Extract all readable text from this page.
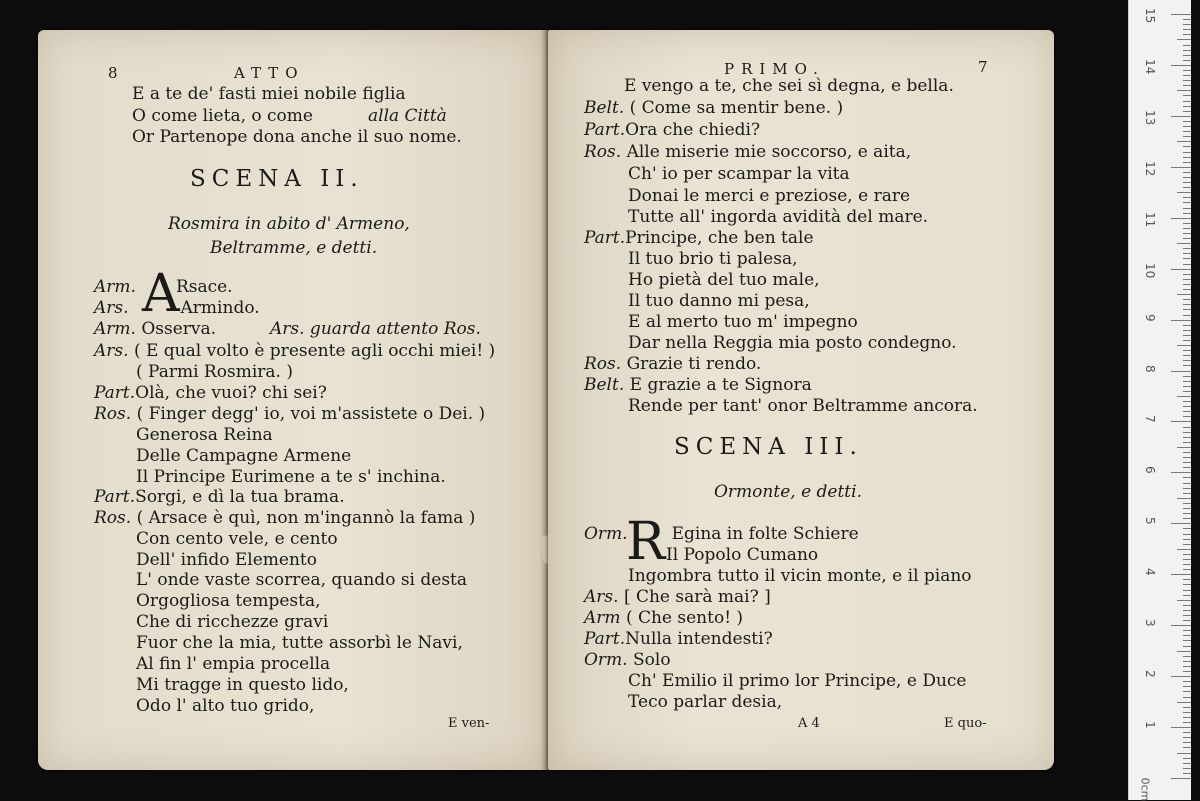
8	ATTO
E a te de' fasti miei nobile figlia
O come lieta, o come	alla Città
Or Partenope dona anche il suo nome.
SCENA II.
Rosmira in abito d' Armeno,
Beltramme, e detti.
A
Arm. Rsace.
Ars.	Armindo.
Arm. Osserva.	Ars. guarda attento Ros.
Ars. ( E qual volto è presente agli occhi miei! )
( Parmi Rosmira. )
Part.Olà, che vuoi? chi sei?
Ros. ( Finger degg' io, voi m'assistete o Dei. )
Generosa Reina
Delle Campagne Armene
Il Principe Eurimene a te s' inchina.
Part.Sorgi, e dì la tua brama.
Ros. ( Arsace è quì, non m'ingannò la fama )
Con cento vele, e cento
Dell' infido Elemento
L' onde vaste scorrea, quando si desta
Orgogliosa tempesta,
Che di ricchezze gravi
Fuor che la mia, tutte assorbì le Navi,
Al fin l' empia procella
Mi tragge in questo lido,
Odo l' alto tuo grido,
E ven-
PRIMO.	7
E vengo a te, che sei sì degna, e bella.
Belt. ( Come sa mentir bene. )
Part.Ora che chiedi?
Ros. Alle miserie mie soccorso, e aita,
Ch' io per scampar la vita
Donai le merci e preziose, e rare
Tutte all' ingorda avidità del mare.
Part.Principe, che ben tale
Il tuo brio ti palesa,
Ho pietà del tuo male,
Il tuo danno mi pesa,
E al merto tuo m' impegno
Dar nella Reggia mia posto condegno.
Ros. Grazie ti rendo.
Belt. E grazie a te Signora
Rende per tant' onor Beltramme ancora.
SCENA III.
Ormonte, e detti.
R
Orm.	Egina in folte Schiere
Il Popolo Cumano
Ingombra tutto il vicin monte, e il piano
Ars. [ Che sarà mai? ]
Arm ( Che sento! )
Part.Nulla intendesti?
Orm. Solo
Ch' Emilio il primo lor Principe, e Duce
Teco parlar desia,
A 4	E quo-	1
2
3
4
5
6
7
8
9
10
11
12
13
14
15
0cm
